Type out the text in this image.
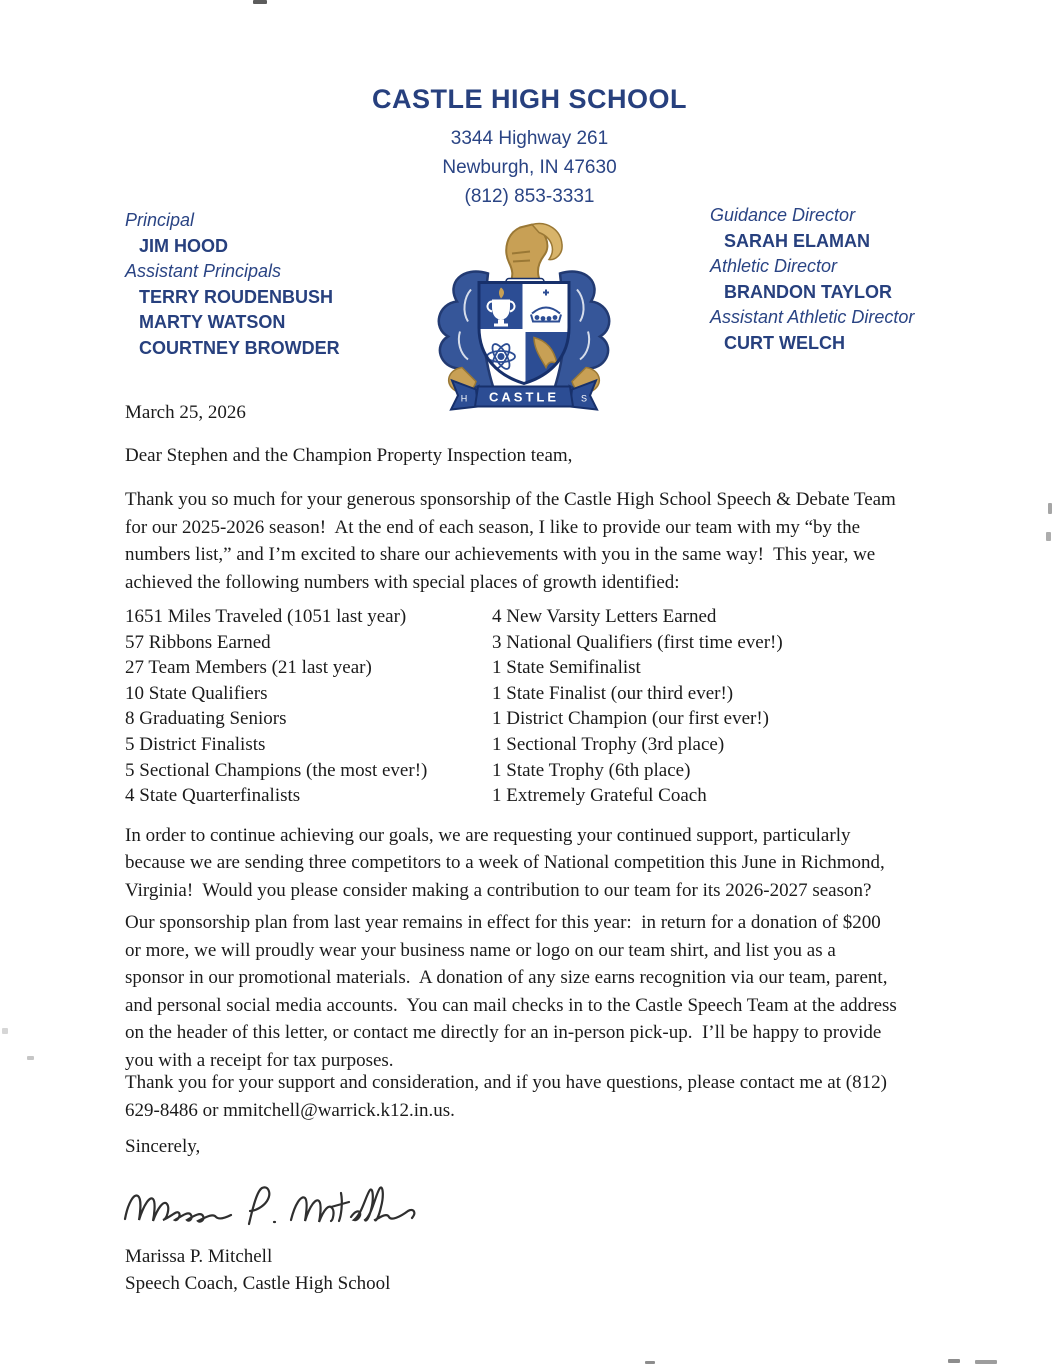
CASTLE HIGH SCHOOL
3344 Highway 261
Newburgh, IN 47630
(812) 853-3331
Principal
JIM HOOD
Assistant Principals
TERRY ROUDENBUSH
MARTY WATSON
COURTNEY BROWDER
Guidance Director
SARAH ELAMAN
Athletic Director
BRANDON TAYLOR
Assistant Athletic Director
CURT WELCH
H	S
CASTLE
March 25, 2026
Dear Stephen and the Champion Property Inspection team,
Thank you so much for your generous sponsorship of the Castle High School Speech & Debate Team
for our 2025-2026 season!  At the end of each season, I like to provide our team with my “by the
numbers list,” and I’m excited to share our achievements with you in the same way!  This year, we
achieved the following numbers with special places of growth identified:
1651 Miles Traveled (1051 last year)
57 Ribbons Earned
27 Team Members (21 last year)
10 State Qualifiers
8 Graduating Seniors
5 District Finalists
5 Sectional Champions (the most ever!)
4 State Quarterfinalists
4 New Varsity Letters Earned
3 National Qualifiers (first time ever!)
1 State Semifinalist
1 State Finalist (our third ever!)
1 District Champion (our first ever!)
1 Sectional Trophy (3rd place)
1 State Trophy (6th place)
1 Extremely Grateful Coach
In order to continue achieving our goals, we are requesting your continued support, particularly
because we are sending three competitors to a week of National competition this June in Richmond,
Virginia!  Would you please consider making a contribution to our team for its 2026-2027 season?
Our sponsorship plan from last year remains in effect for this year:  in return for a donation of $200
or more, we will proudly wear your business name or logo on our team shirt, and list you as a
sponsor in our promotional materials.  A donation of any size earns recognition via our team, parent,
and personal social media accounts.  You can mail checks in to the Castle Speech Team at the address
on the header of this letter, or contact me directly for an in-person pick-up.  I’ll be happy to provide
you with a receipt for tax purposes.
Thank you for your support and consideration, and if you have questions, please contact me at (812)
629-8486 or mmitchell@warrick.k12.in.us.
Sincerely,
Marissa P. Mitchell
Speech Coach, Castle High School
